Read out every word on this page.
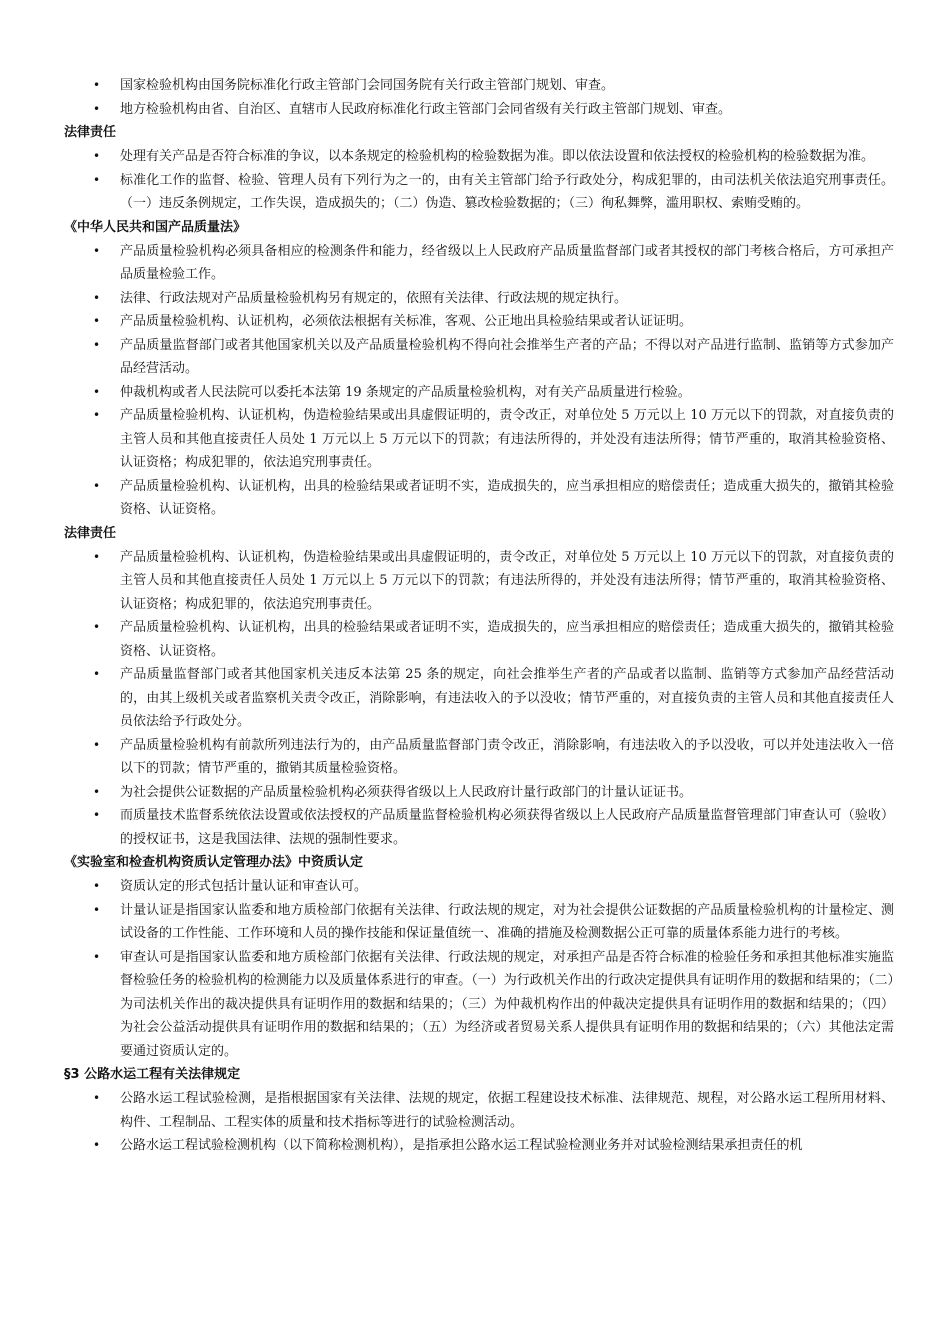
• 国家检验机构由国务院标准化行政主管部门会同国务院有关行政主管部门规划、审查。
• 地方检验机构由省、自治区、直辖市人民政府标准化行政主管部门会同省级有关行政主管部门规划、审查。
法律责任
• 处理有关产品是否符合标准的争议，以本条规定的检验机构的检验数据为准。即以依法设置和依法授权的检验机构的检验数据为准。
• 标准化工作的监督、检验、管理人员有下列行为之一的，由有关主管部门给予行政处分，构成犯罪的，由司法机关依法追究刑事责任。（一）违反条例规定，工作失误，造成损失的；（二）伪造、篡改检验数据的；（三）徇私舞弊，滥用职权、索贿受贿的。
《中华人民共和国产品质量法》
• 产品质量检验机构必须具备相应的检测条件和能力，经省级以上人民政府产品质量监督部门或者其授权的部门考核合格后，方可承担产品质量检验工作。
• 法律、行政法规对产品质量检验机构另有规定的，依照有关法律、行政法规的规定执行。
• 产品质量检验机构、认证机构，必须依法根据有关标准，客观、公正地出具检验结果或者认证证明。
• 产品质量监督部门或者其他国家机关以及产品质量检验机构不得向社会推举生产者的产品；不得以对产品进行监制、监销等方式参加产品经营活动。
• 仲裁机构或者人民法院可以委托本法第 19 条规定的产品质量检验机构，对有关产品质量进行检验。
• 产品质量检验机构、认证机构，伪造检验结果或出具虚假证明的，责令改正，对单位处 5 万元以上 10 万元以下的罚款，对直接负责的主管人员和其他直接责任人员处 1 万元以上 5 万元以下的罚款；有违法所得的，并处没有违法所得；情节严重的，取消其检验资格、认证资格；构成犯罪的，依法追究刑事责任。
• 产品质量检验机构、认证机构，出具的检验结果或者证明不实，造成损失的，应当承担相应的赔偿责任；造成重大损失的，撤销其检验资格、认证资格。
法律责任
• 产品质量检验机构、认证机构，伪造检验结果或出具虚假证明的，责令改正，对单位处 5 万元以上 10 万元以下的罚款，对直接负责的主管人员和其他直接责任人员处 1 万元以上 5 万元以下的罚款；有违法所得的，并处没有违法所得；情节严重的，取消其检验资格、认证资格；构成犯罪的，依法追究刑事责任。
• 产品质量检验机构、认证机构，出具的检验结果或者证明不实，造成损失的，应当承担相应的赔偿责任；造成重大损失的，撤销其检验资格、认证资格。
• 产品质量监督部门或者其他国家机关违反本法第 25 条的规定，向社会推举生产者的产品或者以监制、监销等方式参加产品经营活动的，由其上级机关或者监察机关责令改正，消除影响，有违法收入的予以没收；情节严重的，对直接负责的主管人员和其他直接责任人员依法给予行政处分。
• 产品质量检验机构有前款所列违法行为的，由产品质量监督部门责令改正，消除影响，有违法收入的予以没收，可以并处违法收入一倍以下的罚款；情节严重的，撤销其质量检验资格。
• 为社会提供公证数据的产品质量检验机构必须获得省级以上人民政府计量行政部门的计量认证证书。
• 而质量技术监督系统依法设置或依法授权的产品质量监督检验机构必须获得省级以上人民政府产品质量监督管理部门审查认可（验收）的授权证书，这是我国法律、法规的强制性要求。
《实验室和检查机构资质认定管理办法》中资质认定
• 资质认定的形式包括计量认证和审查认可。
• 计量认证是指国家认监委和地方质检部门依据有关法律、行政法规的规定，对为社会提供公证数据的产品质量检验机构的计量检定、测试设备的工作性能、工作环境和人员的操作技能和保证量值统一、准确的措施及检测数据公正可靠的质量体系能力进行的考核。
• 审查认可是指国家认监委和地方质检部门依据有关法律、行政法规的规定，对承担产品是否符合标准的检验任务和承担其他标准实施监督检验任务的检验机构的检测能力以及质量体系进行的审查。（一）为行政机关作出的行政决定提供具有证明作用的数据和结果的；（二）为司法机关作出的裁决提供具有证明作用的数据和结果的；（三）为仲裁机构作出的仲裁决定提供具有证明作用的数据和结果的；（四）为社会公益活动提供具有证明作用的数据和结果的；（五）为经济或者贸易关系人提供具有证明作用的数据和结果的；（六）其他法定需要通过资质认定的。
§3 公路水运工程有关法律规定
• 公路水运工程试验检测，是指根据国家有关法律、法规的规定，依据工程建设技术标准、法律规范、规程，对公路水运工程所用材料、构件、工程制品、工程实体的质量和技术指标等进行的试验检测活动。
• 公路水运工程试验检测机构（以下简称检测机构），是指承担公路水运工程试验检测业务并对试验检测结果承担责任的机
